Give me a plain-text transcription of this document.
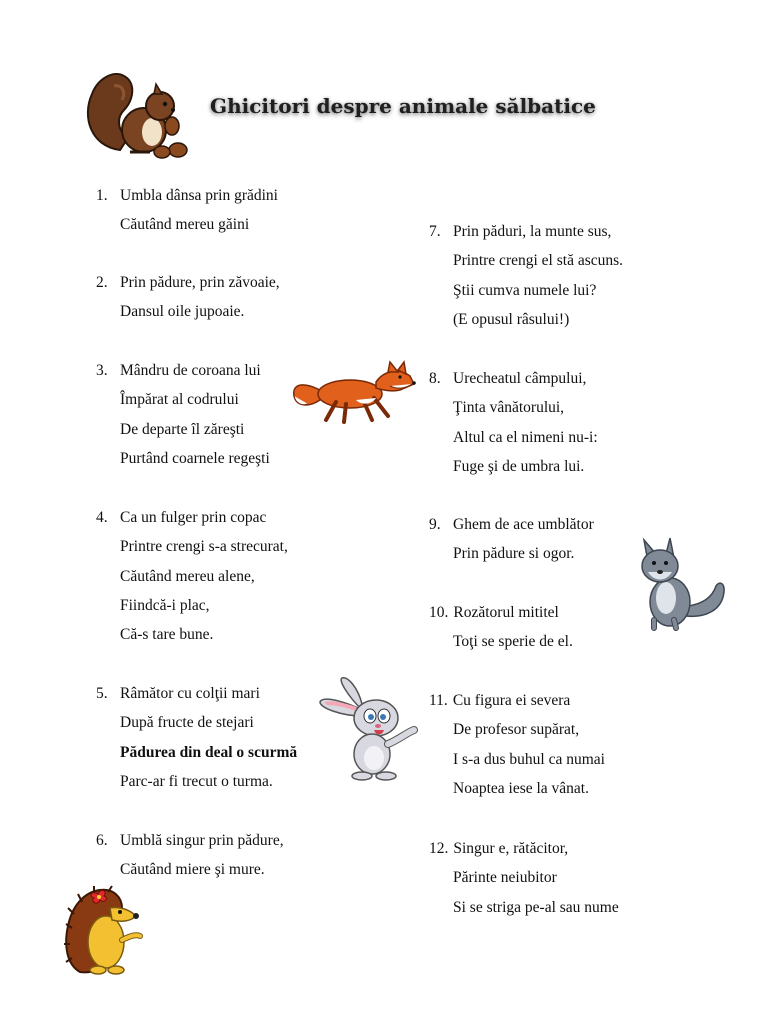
Ghicitori despre animale sălbatice
1. Umbla dânsa prin grădini
Căutând mereu găini
2. Prin pădure, prin zăvoaie,
Dansul oile jupoaie.
3. Mândru de coroana lui
Împărat al codrului
De departe îl zăreşti
Purtând coarnele regeşti
4. Ca un fulger prin copac
Printre crengi s-a strecurat,
Căutând mereu alene,
Fiindcă-i plac,
Că-s tare bune.
5. Râmător cu colţii mari
După fructe de stejari
Pădurea din deal o scurmă
Parc-ar fi trecut o turma.
6. Umblă singur prin pădure,
Căutând miere şi mure.
7. Prin păduri, la munte sus,
Printre crengi el stă ascuns.
Ştii cumva numele lui?
(E opusul râsului!)
8. Urecheatul câmpului,
Ţinta vânătorului,
Altul ca el nimeni nu-i:
Fuge şi de umbra lui.
9. Ghem de ace umblător
Prin pădure si ogor.
10. Rozătorul mititel
Toţi se sperie de el.
11. Cu figura ei severa
De profesor supărat,
I s-a dus buhul ca numai
Noaptea iese la vânat.
12. Singur e, rătăcitor,
Părinte neiubitor
Si se striga pe-al sau nume
